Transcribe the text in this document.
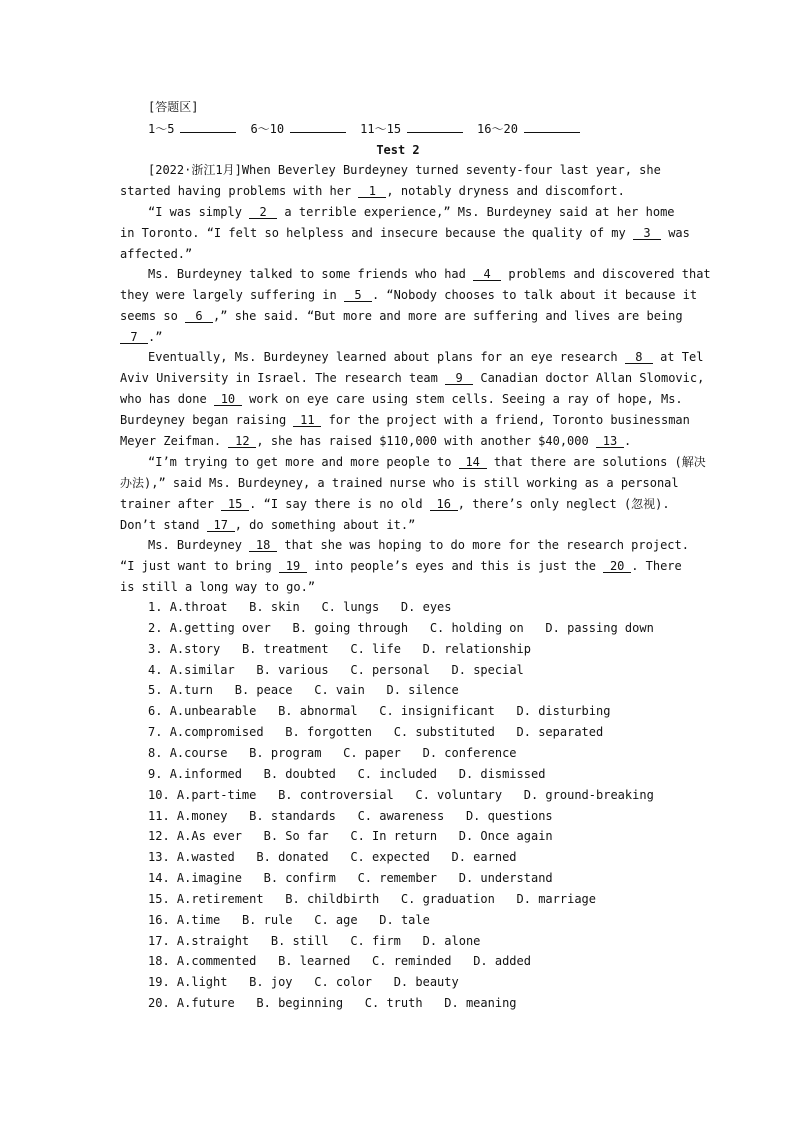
[答题区]
1～5	6～10	11～15	16～20
Test 2
[2022·浙江1月]When Beverley Burdeyney turned seventy-four last year, she
started having problems with her 1 , notably dryness and discomfort.
“I was simply 2 a terrible experience,” Ms. Burdeyney said at her home
in Toronto. “I felt so helpless and insecure because the quality of my 3 was
affected.”
Ms. Burdeyney talked to some friends who had 4 problems and discovered that
they were largely suffering in 5 . “Nobody chooses to talk about it because it
seems so 6 ,” she said. “But more and more are suffering and lives are being
7 .”
Eventually, Ms. Burdeyney learned about plans for an eye research 8 at Tel
Aviv University in Israel. The research team 9 Canadian doctor Allan Slomovic,
who has done 10 work on eye care using stem cells. Seeing a ray of hope, Ms.
Burdeyney began raising 11 for the project with a friend, Toronto businessman
Meyer Zeifman. 12 , she has raised $110,000 with another $40,000 13 .
“I’m trying to get more and more people to 14 that there are solutions (解决
办法),” said Ms. Burdeyney, a trained nurse who is still working as a personal
trainer after 15 . “I say there is no old 16 , there’s only neglect (忽视).
Don’t stand 17 , do something about it.”
Ms. Burdeyney 18 that she was hoping to do more for the research project.
“I just want to bring 19 into people’s eyes and this is just the 20 . There
is still a long way to go.”
1. A.throat B. skin C. lungs D. eyes
2. A.getting over B. going through C. holding on D. passing down
3. A.story B. treatment C. life D. relationship
4. A.similar B. various C. personal D. special
5. A.turn B. peace C. vain D. silence
6. A.unbearable B. abnormal C. insignificant D. disturbing
7. A.compromised B. forgotten C. substituted D. separated
8. A.course B. program C. paper D. conference
9. A.informed B. doubted C. included D. dismissed
10. A.part-time B. controversial C. voluntary D. ground-breaking
11. A.money B. standards C. awareness D. questions
12. A.As ever B. So far C. In return D. Once again
13. A.wasted B. donated C. expected D. earned
14. A.imagine B. confirm C. remember D. understand
15. A.retirement B. childbirth C. graduation D. marriage
16. A.time B. rule C. age D. tale
17. A.straight B. still C. firm D. alone
18. A.commented B. learned C. reminded D. added
19. A.light B. joy C. color D. beauty
20. A.future B. beginning C. truth D. meaning
